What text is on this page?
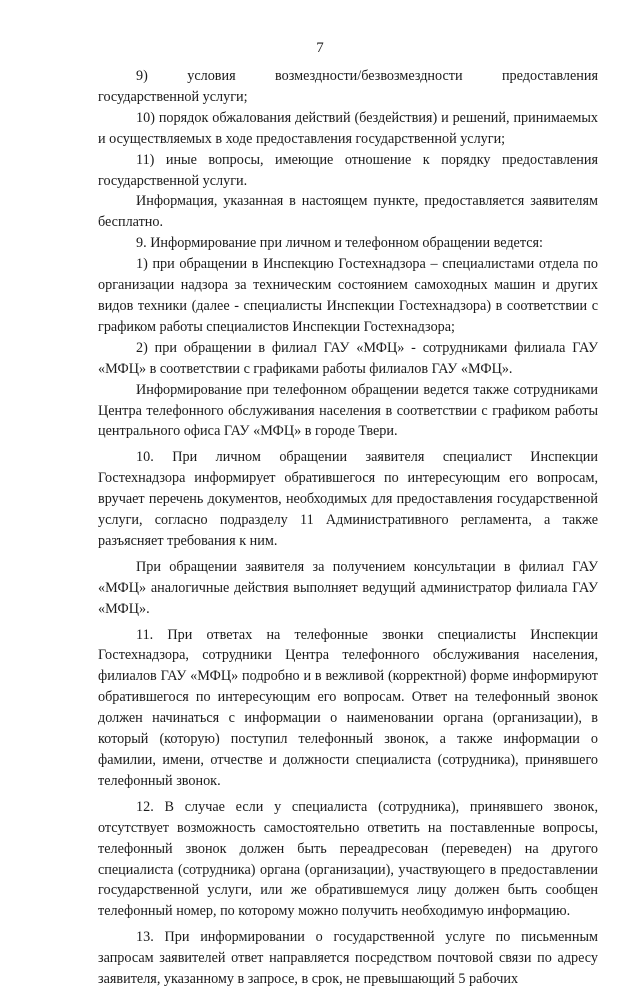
7

9)     условия     возмездности/безвозмездности     предоставления государственной услуги;

10) порядок обжалования действий (бездействия) и решений, принимаемых и осуществляемых в ходе предоставления государственной услуги;

11) иные вопросы, имеющие отношение к порядку предоставления государственной услуги.

Информация, указанная в настоящем пункте, предоставляется заявителям бесплатно.

9. Информирование при личном и телефонном обращении ведется:

1) при обращении в Инспекцию Гостехнадзора – специалистами отдела по организации надзора за техническим состоянием самоходных машин и других видов техники (далее - специалисты Инспекции Гостехнадзора) в соответствии с графиком работы специалистов Инспекции Гостехнадзора;

2) при обращении в филиал ГАУ «МФЦ» - сотрудниками филиала ГАУ «МФЦ» в соответствии с графиками работы филиалов ГАУ «МФЦ».

Информирование при телефонном обращении ведется также сотрудниками Центра телефонного обслуживания населения в соответствии с графиком работы центрального офиса ГАУ «МФЦ» в городе Твери.

10. При личном обращении заявителя специалист Инспекции Гостехнадзора информирует обратившегося по интересующим его вопросам, вручает перечень документов, необходимых для предоставления государственной услуги, согласно подразделу 11 Административного регламента, а также разъясняет требования к ним.

При обращении заявителя за получением консультации в филиал ГАУ «МФЦ» аналогичные действия выполняет ведущий администратор филиала ГАУ «МФЦ».

11. При ответах на телефонные звонки специалисты Инспекции Гостехнадзора, сотрудники Центра телефонного обслуживания населения, филиалов ГАУ «МФЦ» подробно и в вежливой (корректной) форме информируют обратившегося по интересующим его вопросам. Ответ на телефонный звонок должен начинаться с информации о наименовании органа (организации), в который (которую) поступил телефонный звонок, а также информации о фамилии, имени, отчестве и должности специалиста (сотрудника), принявшего телефонный звонок.

12. В случае если у специалиста (сотрудника), принявшего звонок, отсутствует возможность самостоятельно ответить на поставленные вопросы, телефонный звонок должен быть переадресован (переведен) на другого специалиста (сотрудника) органа (организации), участвующего в предоставлении государственной услуги, или же обратившемуся лицу должен быть сообщен телефонный номер, по которому можно получить необходимую информацию.

13. При информировании о государственной услуге по письменным запросам заявителей ответ направляется посредством почтовой связи по адресу заявителя, указанному в запросе, в срок, не превышающий 5 рабочих
